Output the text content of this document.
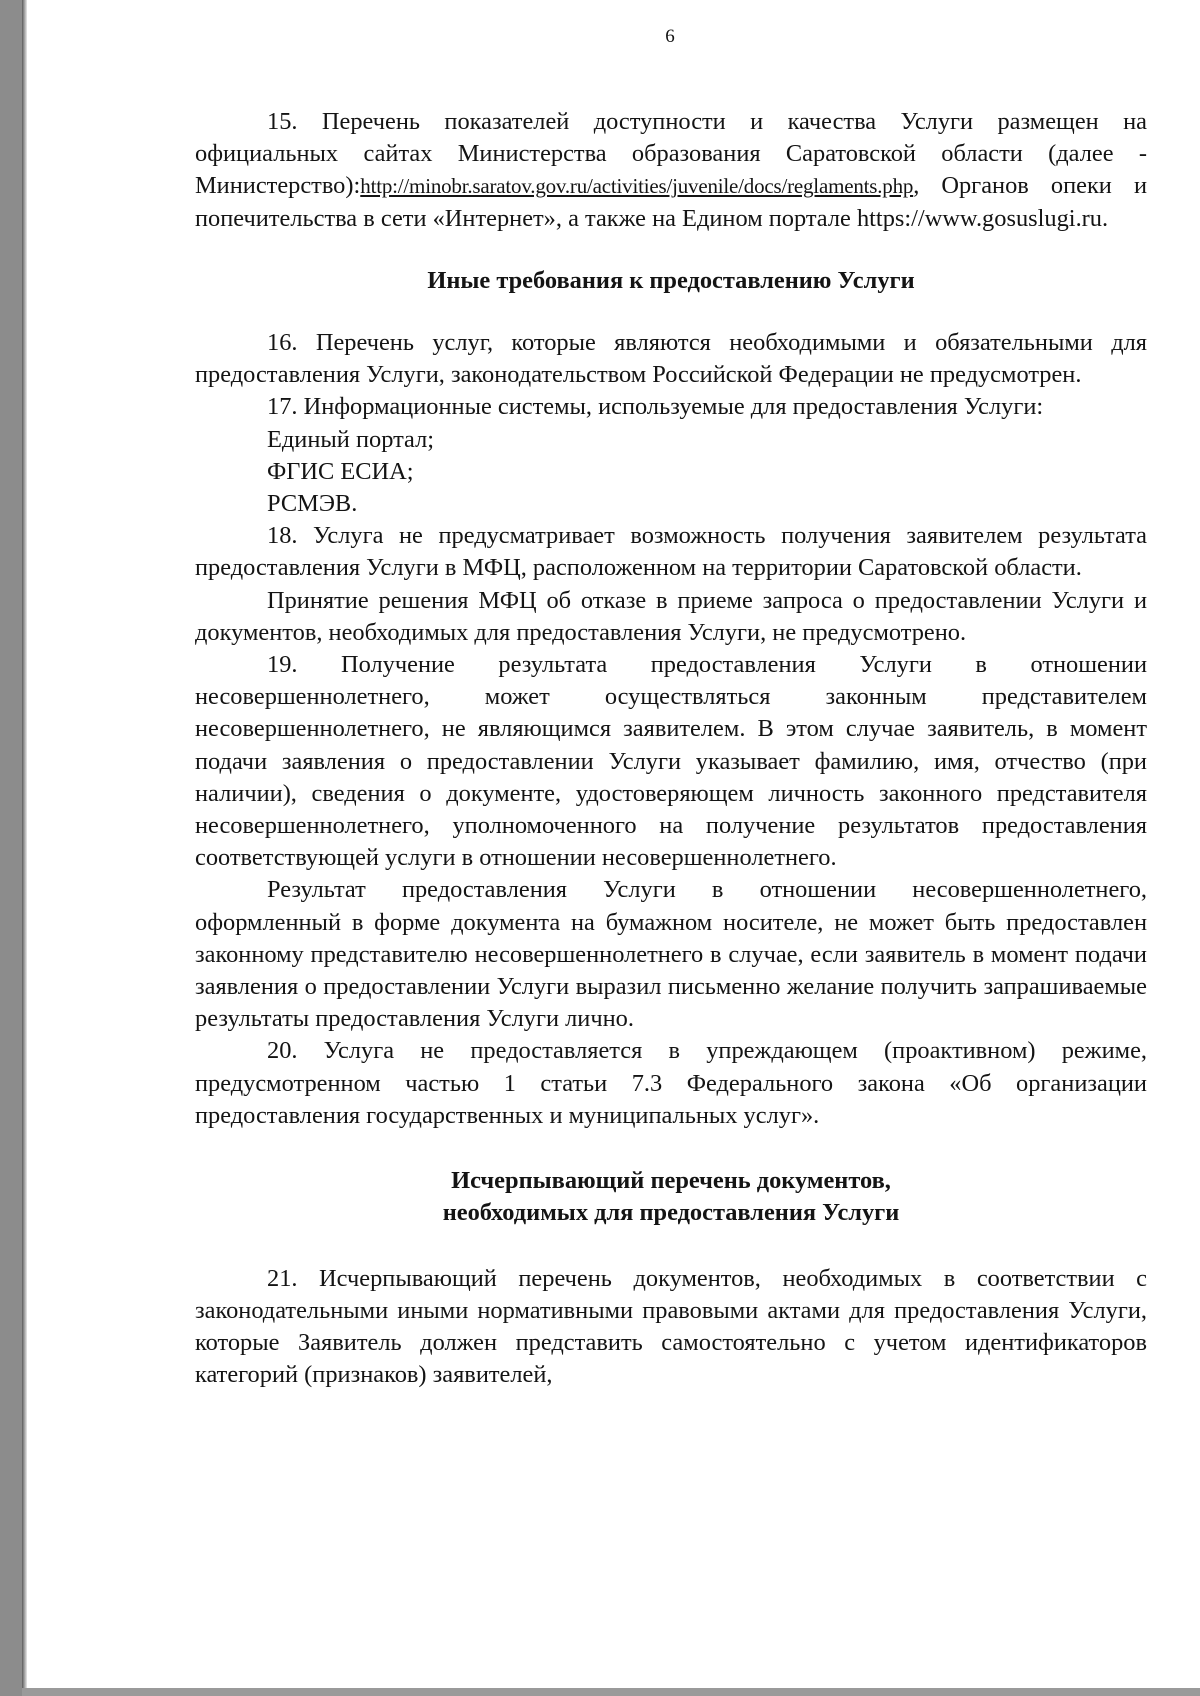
6

15. Перечень показателей доступности и качества Услуги размещен на официальных сайтах Министерства образования Саратовской области (далее - Министерство):http://minobr.saratov.gov.ru/activities/juvenile/docs/reglaments.php, Органов опеки и попечительства в сети «Интернет», а также на Едином портале https://www.gosuslugi.ru.

Иные требования к предоставлению Услуги

16. Перечень услуг, которые являются необходимыми и обязательными для предоставления Услуги, законодательством Российской Федерации не предусмотрен.

17. Информационные системы, используемые для предоставления Услуги:

Единый портал;

ФГИС ЕСИА;

РСМЭВ.

18. Услуга не предусматривает возможность получения заявителем результата предоставления Услуги в МФЦ, расположенном на территории Саратовской области.

Принятие решения МФЦ об отказе в приеме запроса о предоставлении Услуги и документов, необходимых для предоставления Услуги, не предусмотрено.

19. Получение результата предоставления Услуги в отношении несовершеннолетнего, может осуществляться законным представителем несовершеннолетнего, не являющимся заявителем. В этом случае заявитель, в момент подачи заявления о предоставлении Услуги указывает фамилию, имя, отчество (при наличии), сведения о документе, удостоверяющем личность законного представителя несовершеннолетнего, уполномоченного на получение результатов предоставления соответствующей услуги в отношении несовершеннолетнего.

Результат предоставления Услуги в отношении несовершеннолетнего, оформленный в форме документа на бумажном носителе, не может быть предоставлен законному представителю несовершеннолетнего в случае, если заявитель в момент подачи заявления о предоставлении Услуги выразил письменно желание получить запрашиваемые результаты предоставления Услуги лично.

20. Услуга не предоставляется в упреждающем (проактивном) режиме, предусмотренном частью 1 статьи 7.3 Федерального закона «Об организации предоставления государственных и муниципальных услуг».

Исчерпывающий перечень документов,
необходимых для предоставления Услуги

21. Исчерпывающий перечень документов, необходимых в соответствии с законодательными иными нормативными правовыми актами для предоставления Услуги, которые Заявитель должен представить самостоятельно с учетом идентификаторов категорий (признаков) заявителей,
